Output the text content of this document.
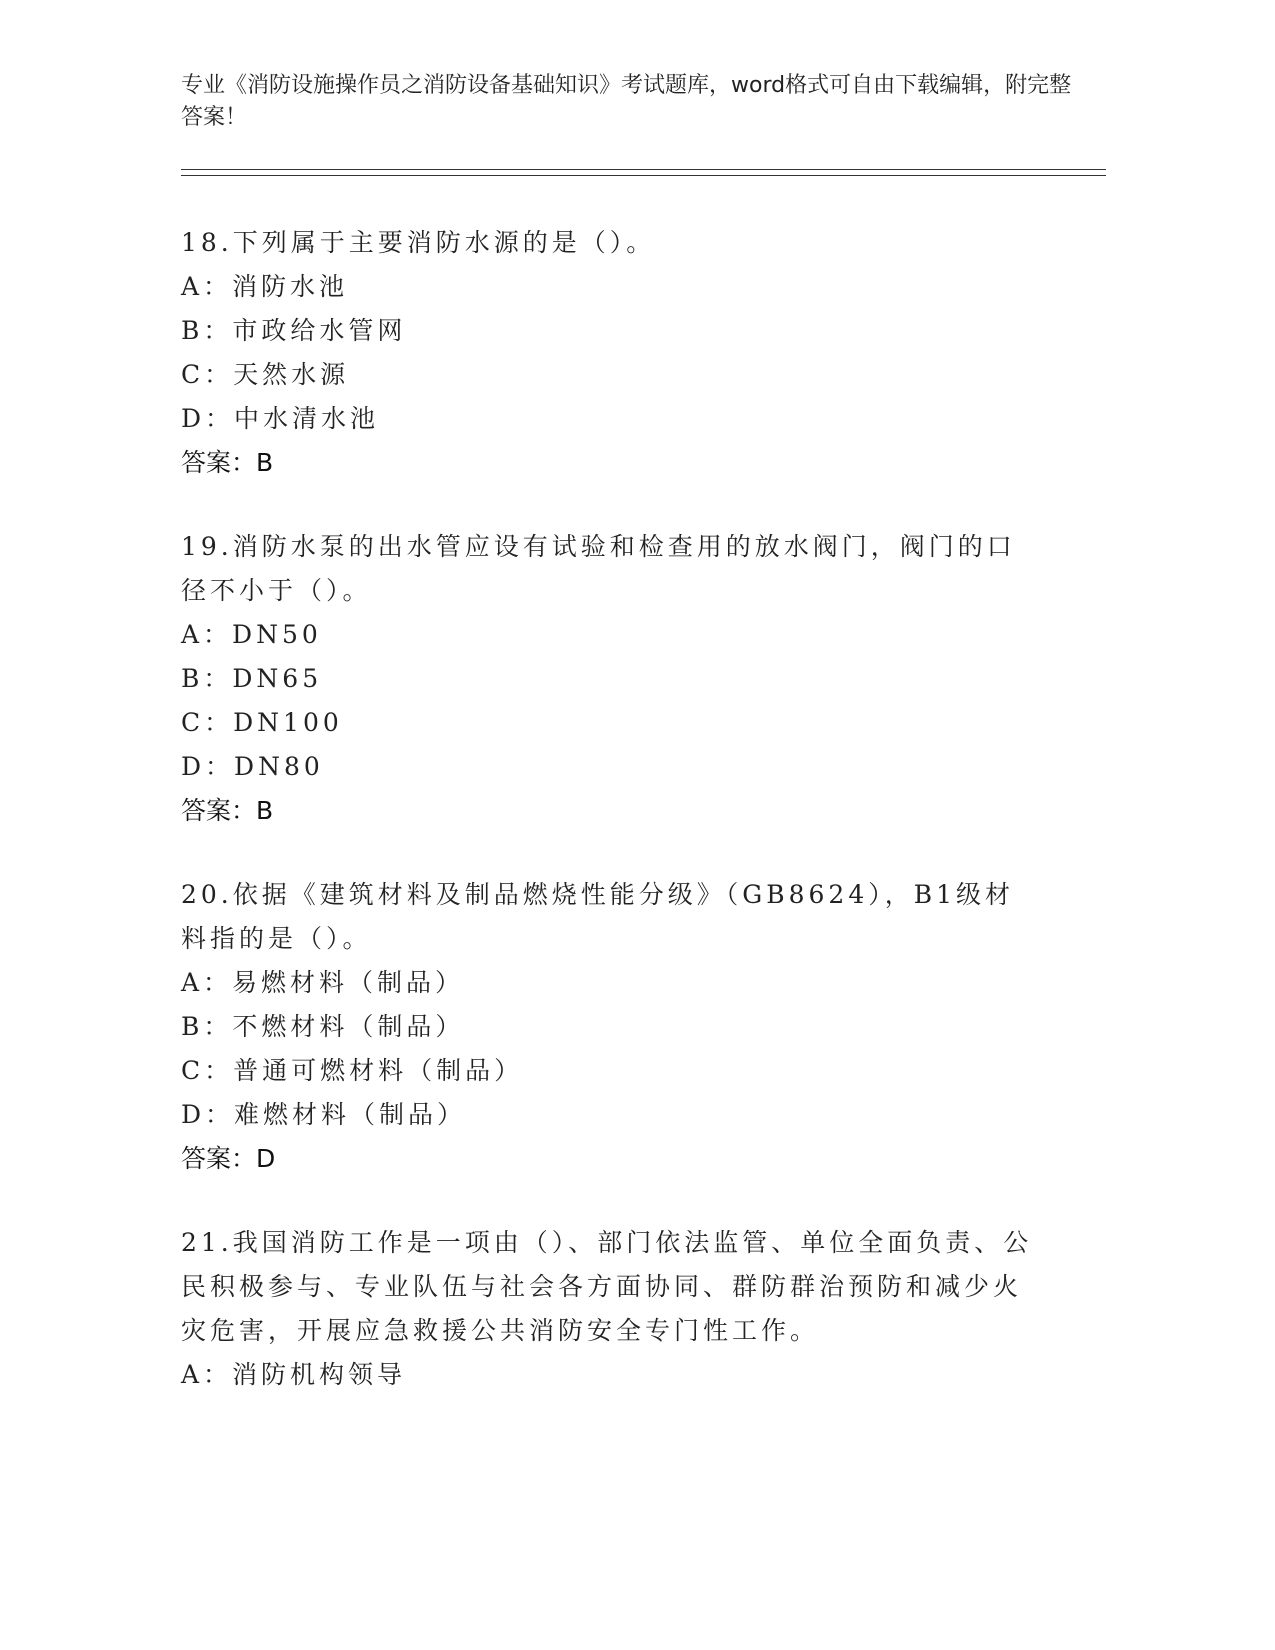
专业《消防设施操作员之消防设备基础知识》考试题库，word格式可自由下载编辑，附完整答案！

18.下列属于主要消防水源的是（）。

A：消防水池

B：市政给水管网

C：天然水源

D：中水清水池

答案：B

19.消防水泵的出水管应设有试验和检查用的放水阀门，阀门的口径不小于（）。

A：DN50

B：DN65

C：DN100

D：DN80

答案：B

20.依据《建筑材料及制品燃烧性能分级》（GB8624），B1级材料指的是（）。

A：易燃材料（制品）

B：不燃材料（制品）

C：普通可燃材料（制品）

D：难燃材料（制品）

答案：D

21.我国消防工作是一项由（）、部门依法监管、单位全面负责、公民积极参与、专业队伍与社会各方面协同、群防群治预防和减少火灾危害，开展应急救援公共消防安全专门性工作。

A：消防机构领导
